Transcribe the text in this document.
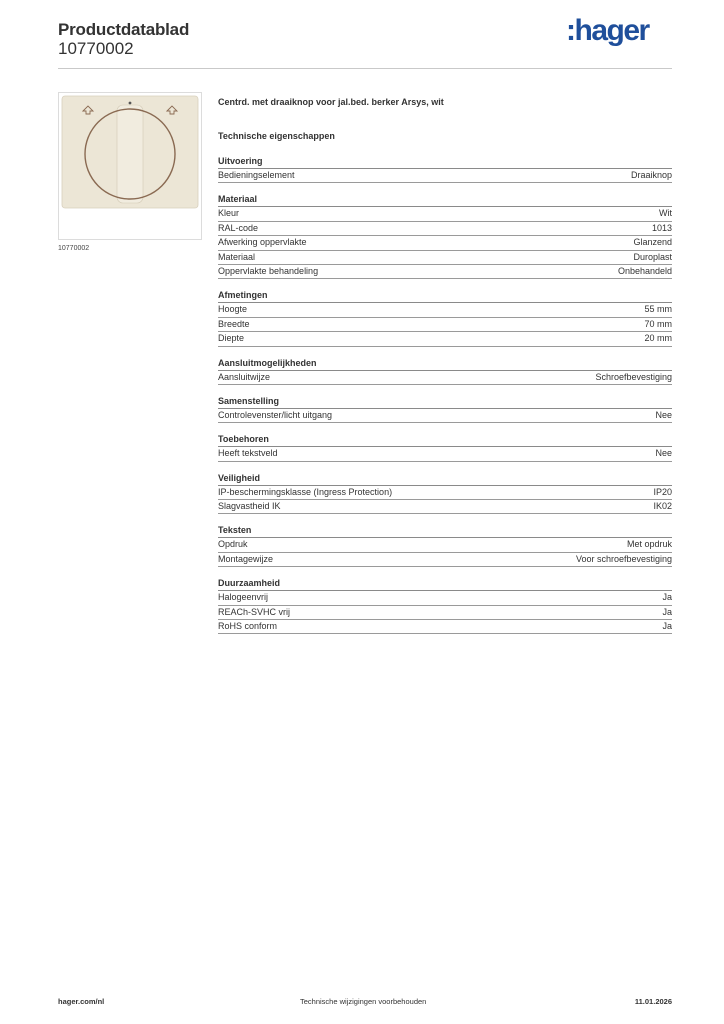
Productdatablad
10770002
:hager
10770002
Centrd. met draaiknop voor jal.bed. berker Arsys, wit
Technische eigenschappen
Uitvoering
Bedieningselement	Draaiknop
Materiaal
Kleur	Wit
RAL-code	1013
Afwerking oppervlakte	Glanzend
Materiaal	Duroplast
Oppervlakte behandeling	Onbehandeld
Afmetingen
Hoogte	55 mm
Breedte	70 mm
Diepte	20 mm
Aansluitmogelijkheden
Aansluitwijze	Schroefbevestiging
Samenstelling
Controlevenster/licht uitgang	Nee
Toebehoren
Heeft tekstveld	Nee
Veiligheid
IP-beschermingsklasse (Ingress Protection)	IP20
Slagvastheid IK	IK02
Teksten
Opdruk	Met opdruk
Montagewijze	Voor schroefbevestiging
Duurzaamheid
Halogeenvrij	Ja
REACh-SVHC vrij	Ja
RoHS conform	Ja
hager.com/nl	Technische wijzigingen voorbehouden	11.01.2026
